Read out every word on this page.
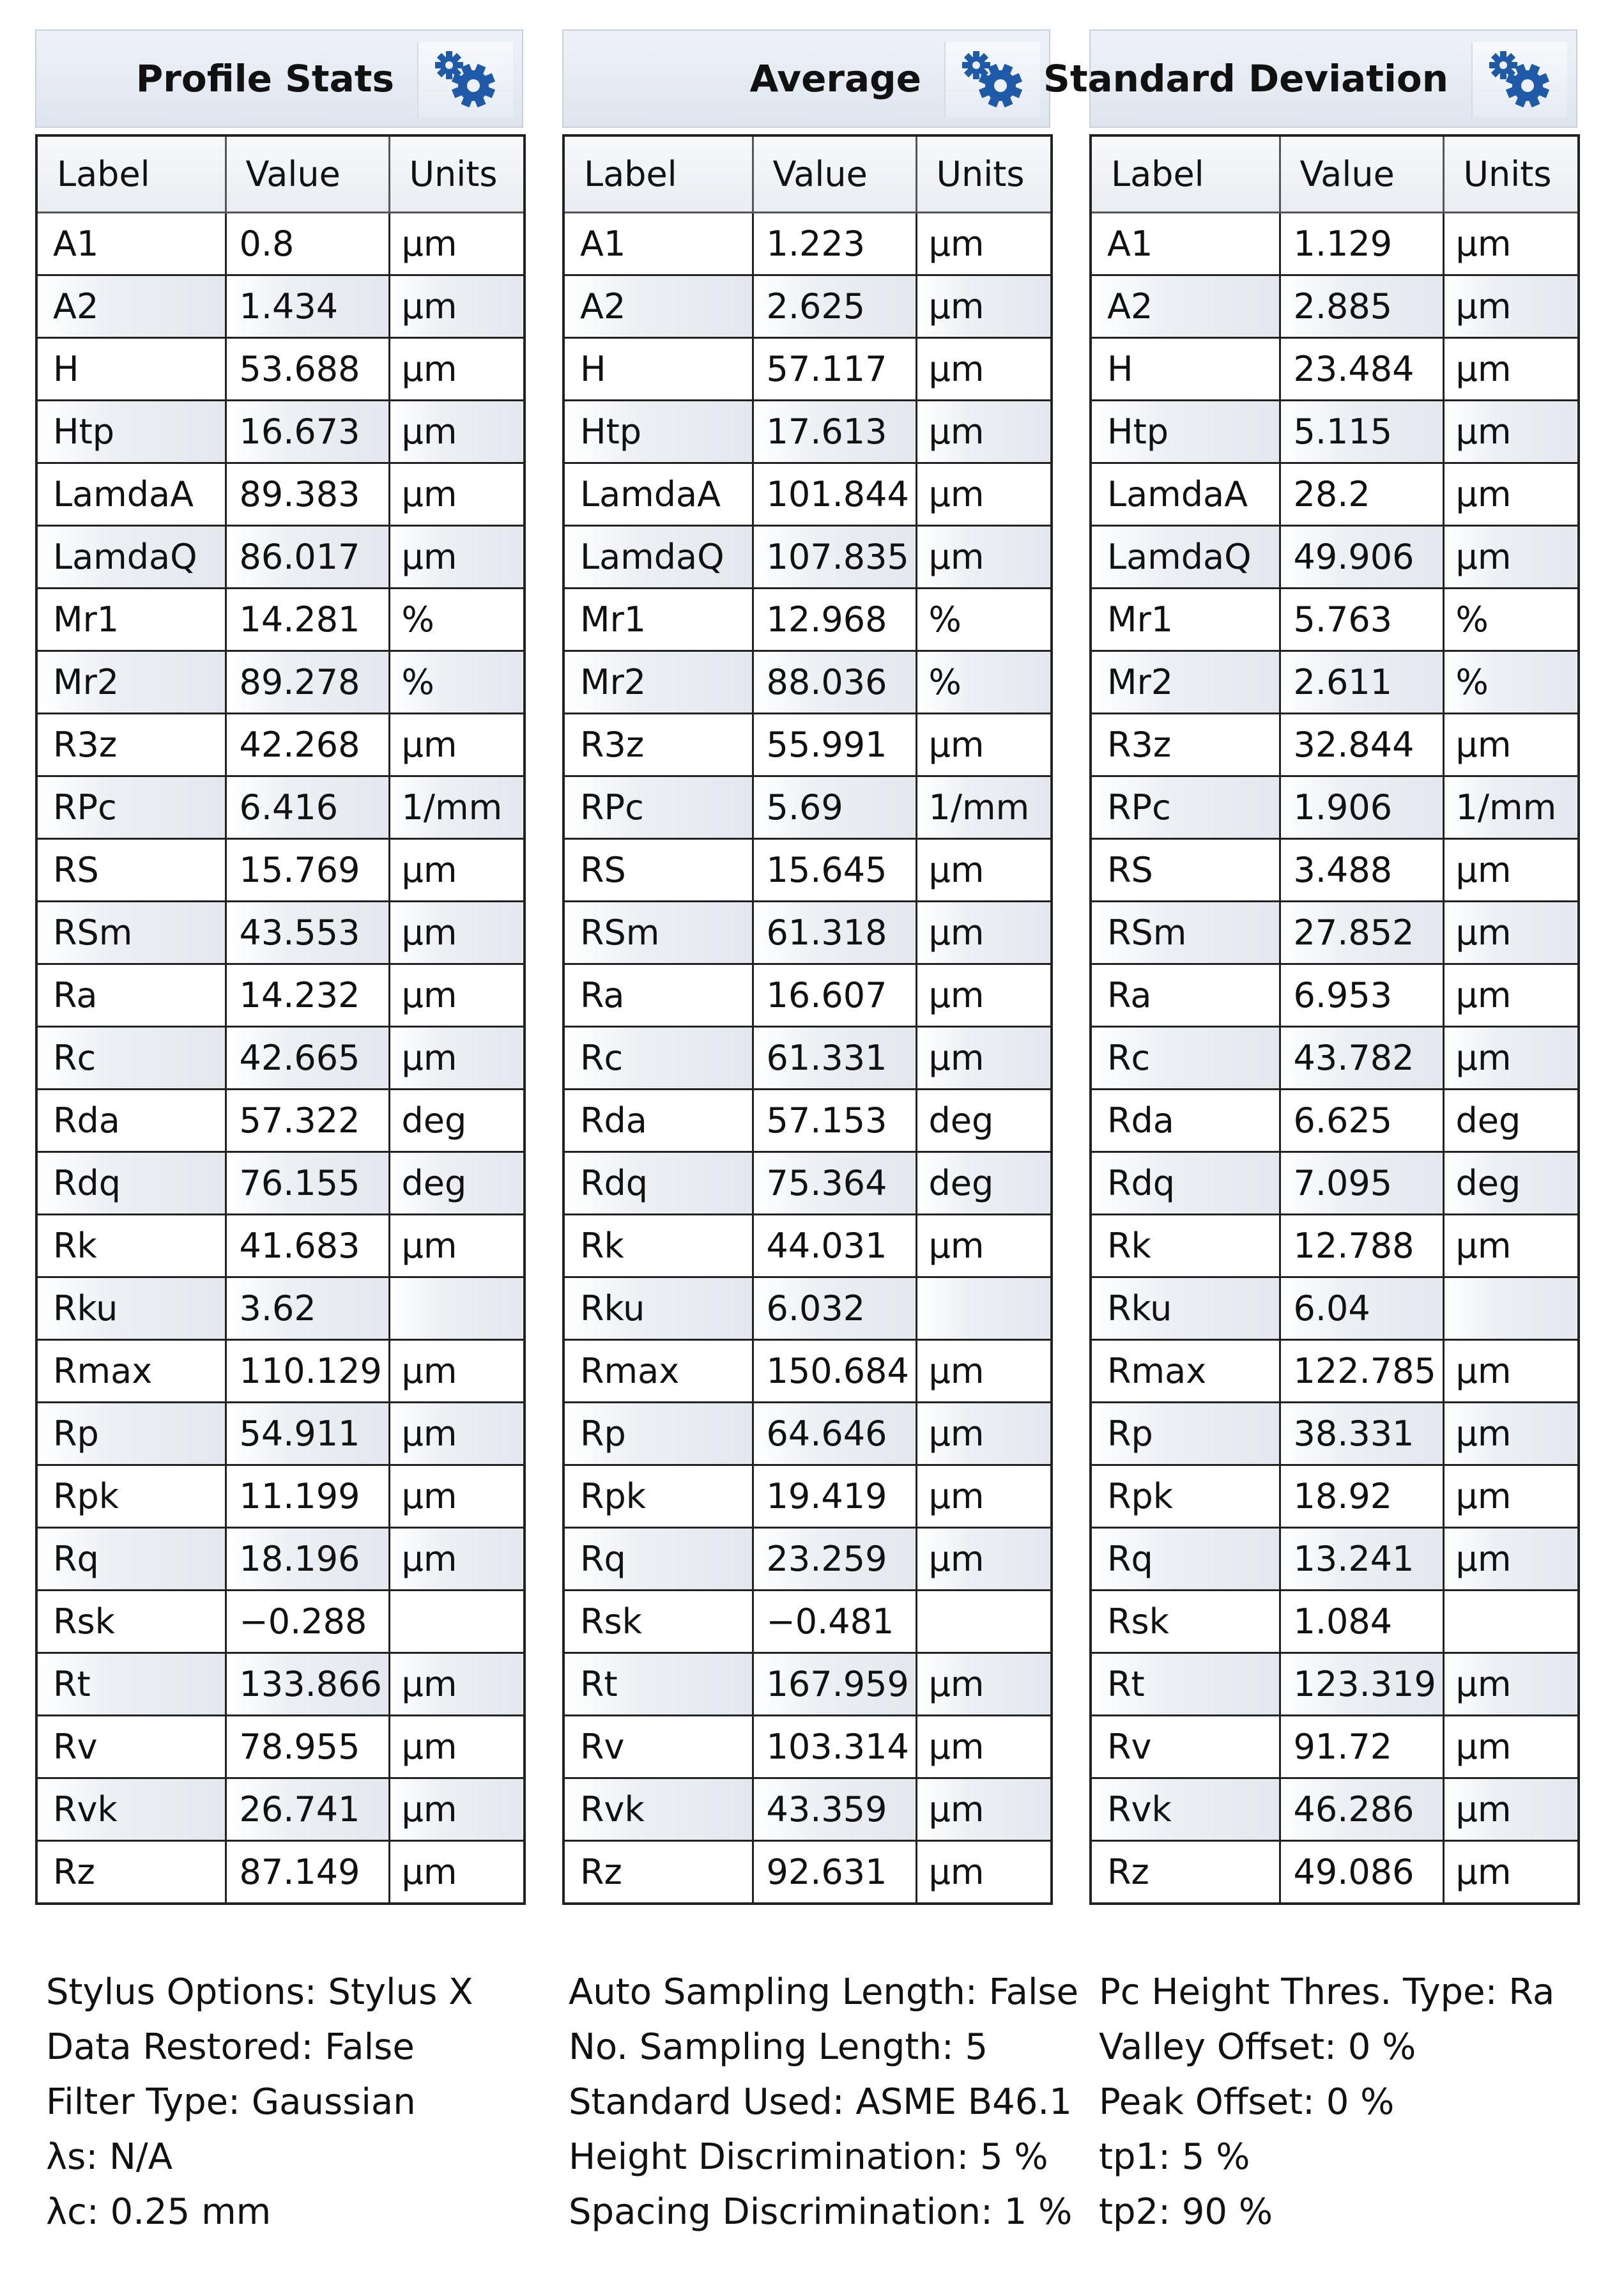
Profile Stats
Label	Value	Units
A1	0.8	µm
A2	1.434	µm
H	53.688	µm
Htp	16.673	µm
LamdaA	89.383	µm
LamdaQ	86.017	µm
Mr1	14.281	%
Mr2	89.278	%
R3z	42.268	µm
RPc	6.416	1/mm
RS	15.769	µm
RSm	43.553	µm
Ra	14.232	µm
Rc	42.665	µm
Rda	57.322	deg
Rdq	76.155	deg
Rk	41.683	µm
Rku	3.62	
Rmax	110.129	µm
Rp	54.911	µm
Rpk	11.199	µm
Rq	18.196	µm
Rsk	−0.288	
Rt	133.866	µm
Rv	78.955	µm
Rvk	26.741	µm
Rz	87.149	µm
Average
Label	Value	Units
A1	1.223	µm
A2	2.625	µm
H	57.117	µm
Htp	17.613	µm
LamdaA	101.844	µm
LamdaQ	107.835	µm
Mr1	12.968	%
Mr2	88.036	%
R3z	55.991	µm
RPc	5.69	1/mm
RS	15.645	µm
RSm	61.318	µm
Ra	16.607	µm
Rc	61.331	µm
Rda	57.153	deg
Rdq	75.364	deg
Rk	44.031	µm
Rku	6.032	
Rmax	150.684	µm
Rp	64.646	µm
Rpk	19.419	µm
Rq	23.259	µm
Rsk	−0.481	
Rt	167.959	µm
Rv	103.314	µm
Rvk	43.359	µm
Rz	92.631	µm
Standard Deviation
Label	Value	Units
A1	1.129	µm
A2	2.885	µm
H	23.484	µm
Htp	5.115	µm
LamdaA	28.2	µm
LamdaQ	49.906	µm
Mr1	5.763	%
Mr2	2.611	%
R3z	32.844	µm
RPc	1.906	1/mm
RS	3.488	µm
RSm	27.852	µm
Ra	6.953	µm
Rc	43.782	µm
Rda	6.625	deg
Rdq	7.095	deg
Rk	12.788	µm
Rku	6.04	
Rmax	122.785	µm
Rp	38.331	µm
Rpk	18.92	µm
Rq	13.241	µm
Rsk	1.084	
Rt	123.319	µm
Rv	91.72	µm
Rvk	46.286	µm
Rz	49.086	µm
Stylus Options: Stylus X
Data Restored: False
Filter Type: Gaussian
λs: N/A
λc: 0.25 mm
Auto Sampling Length: False
No. Sampling Length: 5
Standard Used: ASME B46.1
Height Discrimination: 5 %
Spacing Discrimination: 1 %
Pc Height Thres. Type: Ra
Valley Offset: 0 %
Peak Offset: 0 %
tp1: 5 %
tp2: 90 %
